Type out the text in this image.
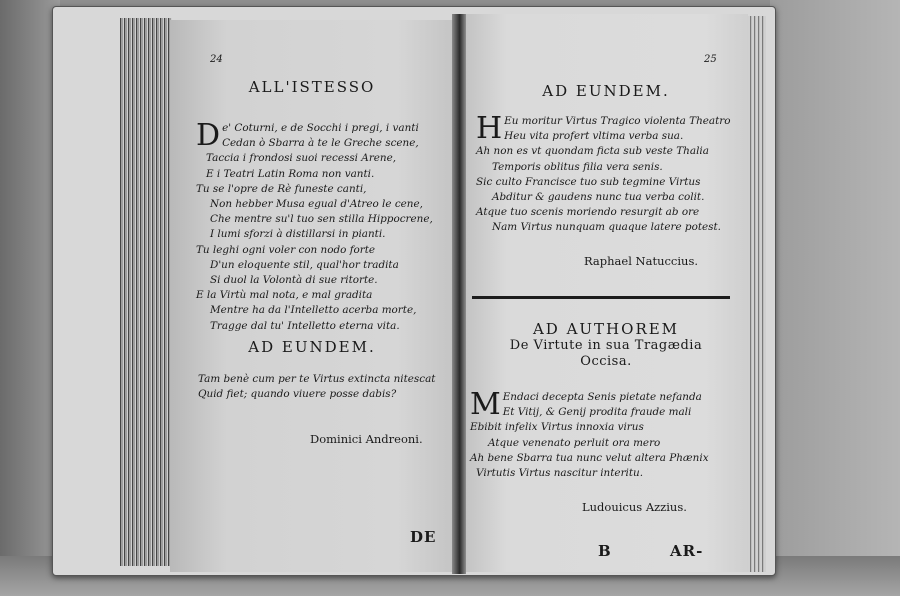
24
ALL'ISTESSO
De' Coturni, e de Socchi i pregi, i vanti
Cedan ò Sbarra à te le Greche scene,
Taccia i frondosi suoi recessi Arene,
E i Teatri Latin Roma non vanti.
Tu se l'opre de Rè funeste canti,
Non hebber Musa egual d'Atreo le cene,
Che mentre su'l tuo sen stilla Hippocrene,
I lumi sforzi à distillarsi in pianti.
Tu leghi ogni voler con nodo forte
D'un eloquente stil, qual'hor tradita
Si duol la Volontà di sue ritorte.
E la Virtù mal nota, e mal gradita
Mentre ha da l'Intelletto acerba morte,
Tragge dal tu' Intelletto eterna vita.
AD EUNDEM.
Tam benè cum per te Virtus extincta nitescat
Quid fiet; quando viuere posse dabis?
Dominici Andreoni.
DE
25
AD EUNDEM.
H Eu moritur Virtus Tragico violenta Theatro
Heu vita profert vltima verba sua.
Ah non es vt quondam ficta sub veste Thalia
Temporis oblitus filia vera senis.
Sic culto Francisce tuo sub tegmine Virtus
Abditur & gaudens nunc tua verba colit.
Atque tuo scenis moriendo resurgit ab ore
Nam Virtus nunquam quaque latere potest.
Raphael Natuccius.
AD AUTHOREM
De Virtute in sua Tragædia
Occisa.
M Endaci decepta Senis pietate nefanda
Et Vitij, & Genij prodita fraude mali
Ebibit infelix Virtus innoxia virus
Atque venenato perluit ora mero
Ah bene Sbarra tua nunc velut altera Phænix
Virtutis Virtus nascitur interitu.
Ludouicus Azzius.
B	AR-
